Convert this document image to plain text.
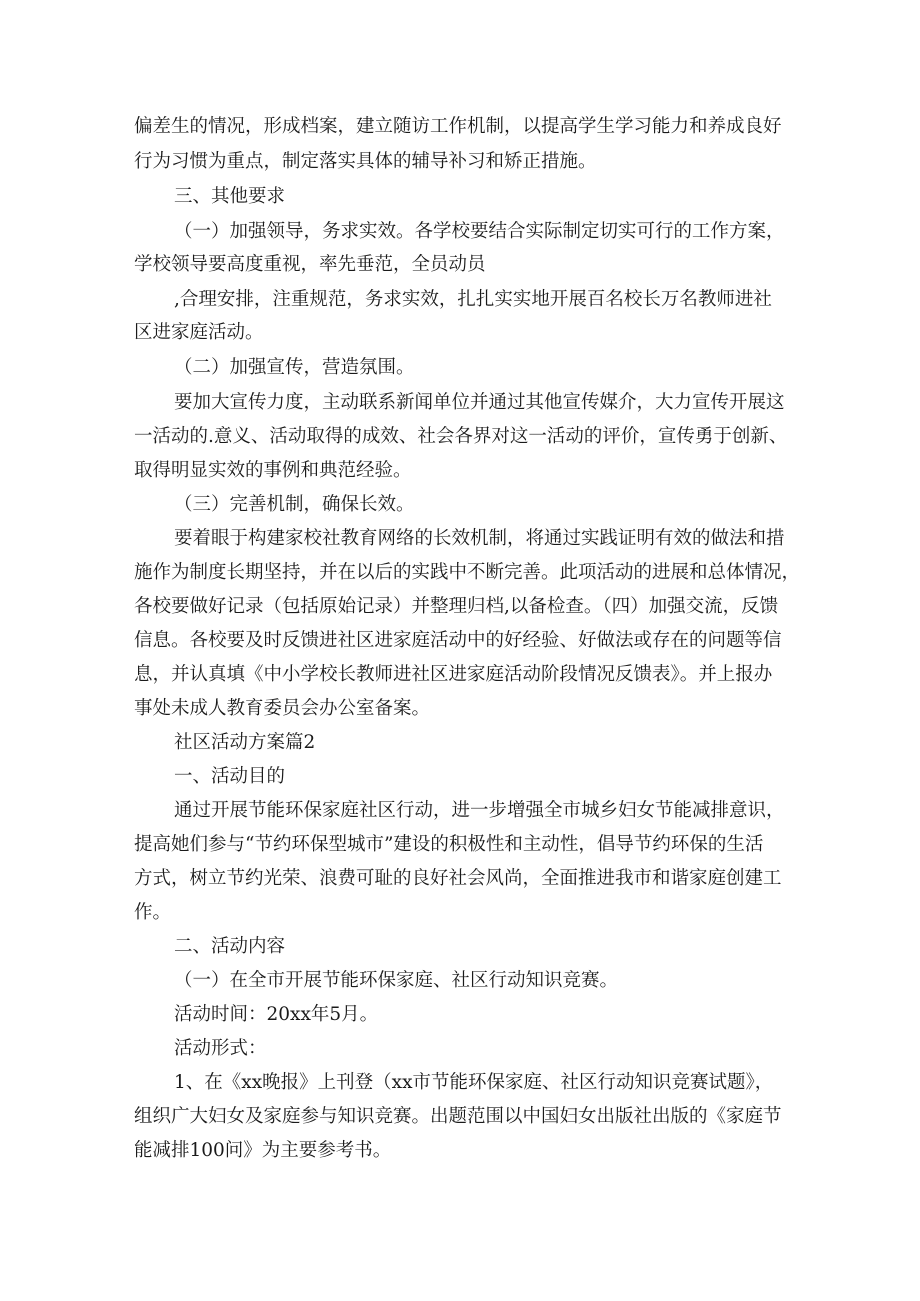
偏差生的情况，形成档案，建立随访工作机制，以提高学生学习能力和养成良好
行为习惯为重点，制定落实具体的辅导补习和矫正措施。
三、其他要求
（一）加强领导，务求实效。各学校要结合实际制定切实可行的工作方案，
学校领导要高度重视，率先垂范，全员动员
,合理安排，注重规范，务求实效，扎扎实实地开展百名校长万名教师进社
区进家庭活动。
（二）加强宣传，营造氛围。
要加大宣传力度，主动联系新闻单位并通过其他宣传媒介，大力宣传开展这
一活动的.意义、活动取得的成效、社会各界对这一活动的评价，宣传勇于创新、
取得明显实效的事例和典范经验。
（三）完善机制，确保长效。
要着眼于构建家校社教育网络的长效机制，将通过实践证明有效的做法和措
施作为制度长期坚持，并在以后的实践中不断完善。此项活动的进展和总体情况，
各校要做好记录（包括原始记录）并整理归档,以备检查。（四）加强交流，反馈
信息。各校要及时反馈进社区进家庭活动中的好经验、好做法或存在的问题等信
息，并认真填《中小学校长教师进社区进家庭活动阶段情况反馈表》。并上报办
事处未成人教育委员会办公室备案。
社区活动方案篇2
一、活动目的
通过开展节能环保家庭社区行动，进一步增强全市城乡妇女节能减排意识，
提高她们参与“节约环保型城市”建设的积极性和主动性，倡导节约环保的生活
方式，树立节约光荣、浪费可耻的良好社会风尚，全面推进我市和谐家庭创建工
作。
二、活动内容
（一）在全市开展节能环保家庭、社区行动知识竞赛。
活动时间：20xx年5月。
活动形式：
1、在《xx晚报》上刊登（xx市节能环保家庭、社区行动知识竞赛试题》，
组织广大妇女及家庭参与知识竞赛。出题范围以中国妇女出版社出版的《家庭节
能减排100问》为主要参考书。
